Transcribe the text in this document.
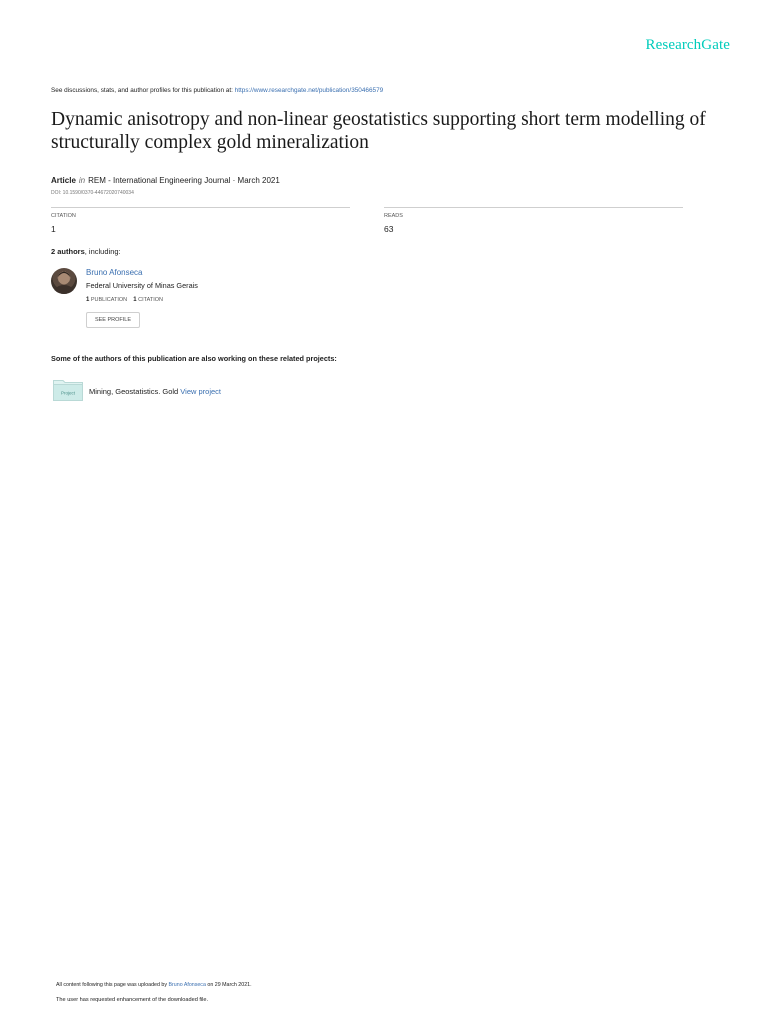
ResearchGate
See discussions, stats, and author profiles for this publication at: https://www.researchgate.net/publication/350466579
Dynamic anisotropy and non-linear geostatistics supporting short term modelling of structurally complex gold mineralization
Article in REM - International Engineering Journal · March 2021
DOI: 10.1590/0370-44672020740034
CITATION
1
READS
63
2 authors, including:
Bruno Afonseca
Federal University of Minas Gerais
1 PUBLICATION 1 CITATION
SEE PROFILE
Some of the authors of this publication are also working on these related projects:
Project Mining, Geostatistics. Gold View project
All content following this page was uploaded by Bruno Afonseca on 29 March 2021.
The user has requested enhancement of the downloaded file.
